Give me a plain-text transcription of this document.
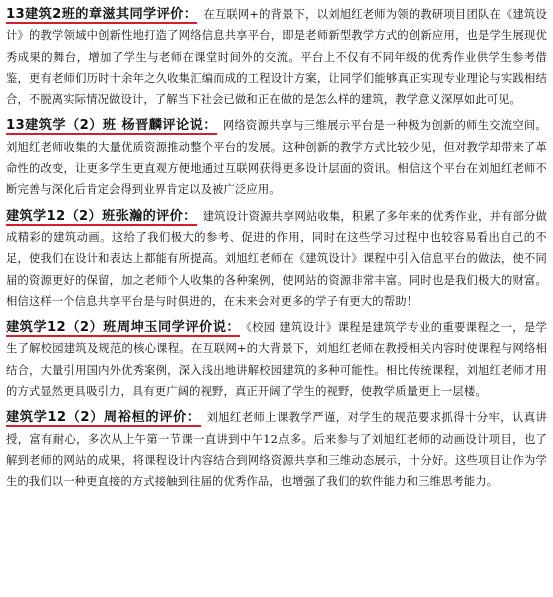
13建筑2班的章滋其同学评价： 在互联网+的背景下，以刘旭红老师为领的教研项目团队在《建筑设计》的教学领域中创新性地打造了网络信息共享平台，即是老师新型教学方式的创新应用，也是学生展现优秀成果的舞台，增加了学生与老师在课堂时间外的交流。平台上不仅有不同年级的优秀作业供学生参考借鉴，更有老师们历时十余年之久收集汇编而成的工程设计方案，让同学们能够真正实现专业理论与实践相结合，不脱离实际情况做设计，了解当下社会已做和正在做的是怎么样的建筑，教学意义深厚如此可见。

13建筑学（2）班 杨晋麟评论说： 网络资源共享与三维展示平台是一种极为创新的师生交流空间。刘旭红老师收集的大量优质资源推动整个平台的发展。这种创新的教学方式比较少见，但对教学却带来了革命性的改变，让更多学生更直观方便地通过互联网获得更多设计层面的资讯。相信这个平台在刘旭红老师不断完善与深化后肯定会得到业界肯定以及被广泛应用。

建筑学12（2）班张瀚的评价： 建筑设计资源共享网站收集，积累了多年来的优秀作业，并有部分做成精彩的建筑动画。这给了我们极大的参考、促进的作用，同时在这些学习过程中也较容易看出自己的不足，使我们在设计和表达上都能有所提高。刘旭红老师在《建筑设计》课程中引入信息平台的做法，使不同届的资源更好的保留，加之老师个人收集的各种案例，使网站的资源非常丰富。同时也是我们极大的财富。相信这样一个信息共享平台是与时俱进的，在未来会对更多的学子有更大的帮助！

建筑学12（2）班周坤玉同学评价说： 《校园 建筑设计》课程是建筑学专业的重要课程之一，是学生了解校园建筑及规范的核心课程。在互联网+的大背景下，刘旭红老师在教授相关内容时使课程与网络相结合，大量引用国内外优秀案例，深入浅出地讲解校园建筑的多种可能性。相比传统课程，刘旭红老师才用的方式显然更具吸引力，具有更广阔的视野，真正开阔了学生的视野，使教学质量更上一层楼。

建筑学12（2）周裕桓的评价： 刘旭红老师上课教学严谨，对学生的规范要求抓得十分牢，认真讲授，富有耐心，多次从上午第一节课一直讲到中午12点多。后来参与了刘旭红老师的动画设计项目，也了解到老师的网站的成果，将课程设计内容结合到网络资源共享和三维动态展示，十分好。这些项目让作为学生的我们以一种更直接的方式接触到往届的优秀作品，也增强了我们的软件能力和三维思考能力。
